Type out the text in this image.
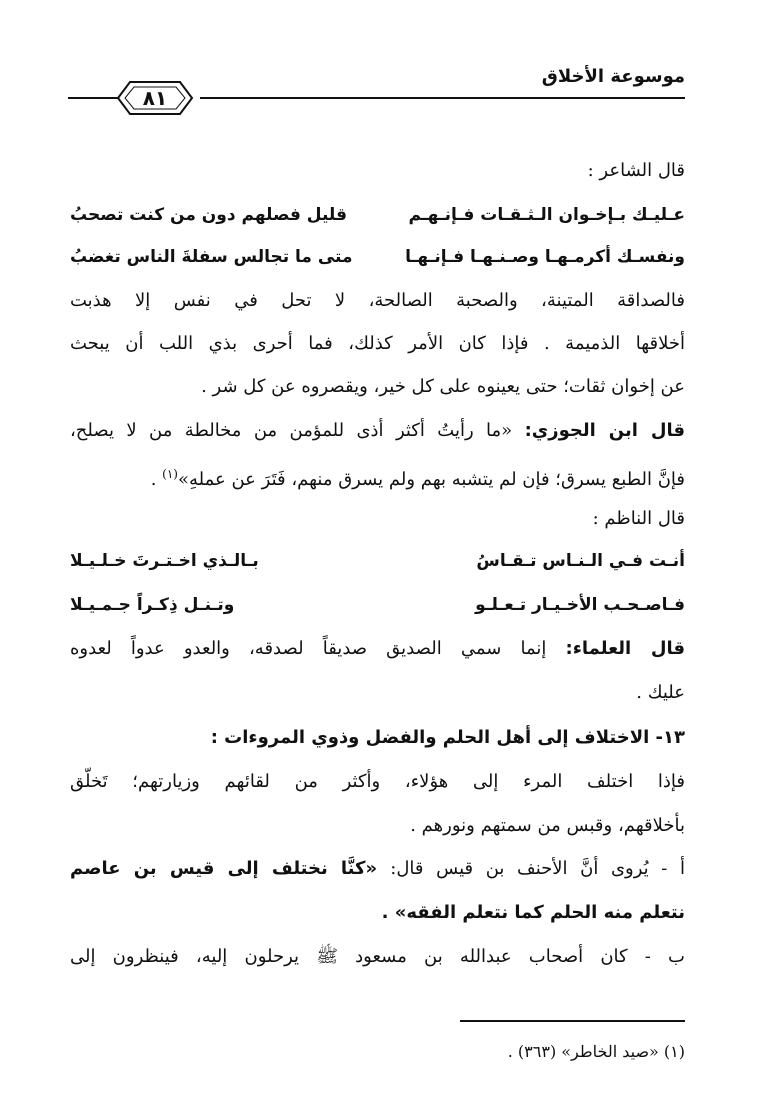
موسوعة الأخلاق
٨١
قال الشاعر :
عـليـك بـإخـوان الـثـقـات فـإنـهـم
قليل فصلهم دون من كنت تصحبُ
ونفسـك أكرمـهـا وصـنـهـا فـإنـهـا
متى ما تجالس سفلةَ الناس تغضبُ
فالصداقة المتينة، والصحبة الصالحة، لا تحل في نفس إلا هذبت
أخلاقها الذميمة . فإذا كان الأمر كذلك، فما أحرى بذي اللب أن يبحث
عن إخوان ثقات؛ حتى يعينوه على كل خير، ويقصروه عن كل شر .
قال ابن الجوزي: «ما رأيتُ أكثر أذى للمؤمن من مخالطة من لا يصلح،
فإنَّ الطبع يسرق؛ فإن لم يتشبه بهم ولم يسرق منهم، فَتَرَ عن عملهِ»$^{(١)}$ .
قال الناظم :
أنـت فـي الـنـاس تـقـاسُ
بـالـذي اخـتـرتَ خـلـيـلا
فـاصـحـب الأخـيـار تـعـلـو
وتـنـل ذِكـراً جـمـيـلا
قال العلماء: إنما سمي الصديق صديقاً لصدقه، والعدو عدواً لعدوه
عليك .
١٣- الاختلاف إلى أهل الحلم والفضل وذوي المروءات :
فإذا اختلف المرء إلى هؤلاء، وأكثر من لقائهم وزيارتهم؛ تَخلّق
بأخلاقهم، وقبس من سمتهم ونورهم .
أ - يُروى أنَّ الأحنف بن قيس قال: «كنَّا نختلف إلى قيس بن عاصم
نتعلم منه الحلم كما نتعلم الفقه» .
ب - كان أصحاب عبدالله بن مسعود ﷺ يرحلون إليه، فينظرون إلى
(١) «صيد الخاطر» (٣٦٣) .
